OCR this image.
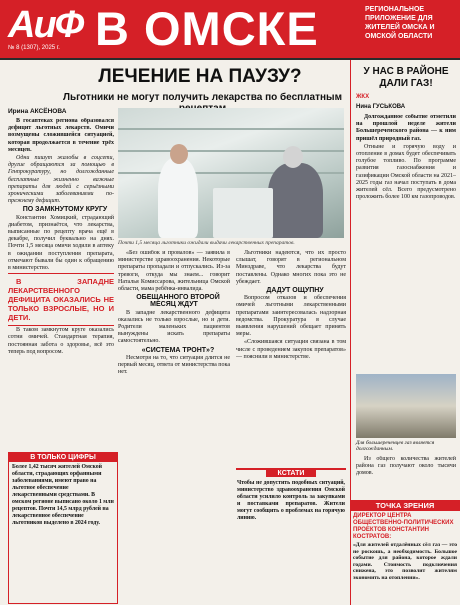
АиФ
№ 8 (1307), 2025 г. В ОМСКЕ	РЕГИОНАЛЬНОЕ ПРИЛОЖЕНИЕ ДЛЯ ЖИТЕЛЕЙ ОМСКА И ОМСКОЙ ОБЛАСТИ
ЛЕЧЕНИЕ НА ПАУЗУ?
Льготники не могут получить лекарства по бесплатным
Ирина АКСЁНОВА

В госаптеках региона образовался дефицит льготных лекарств. Омичи возмущены сложившейся ситуацией, которая продолжается в течение трёх месяцев.

Одни пишут жалобы в соцсети, другие обращаются за помощью в Генпрокуратуру, но долгожданные бесплатные жизненно важные препараты для людей с серьёзными хроническими заболеваниями по-прежнему дефицит.

ПО ЗАМКНУТОМУ КРУГУ

Константин Хомицкий, страдающий диабетом, признаётся, что лекарства, выписанные по рецепту врача ещё в декабре, получил буквально на днях. Почти 1,5 месяца омичи ходили в аптеку в ожидании поступления препарата, отмечают бывали бы один к обращению в министерство.

В ЗАПАДНЕ ЛЕКАРСТВЕННОГО ДЕФИЦИТА ОКАЗАЛИСЬ НЕ ТОЛЬКО ВЗРОСЛЫЕ, НО И ДЕТИ.

В таком замкнутом круге оказались сотни омичей. Стандартная терапия, постоянная забота о здоровье, всё это теперь под вопросом.

Почти 1,5 месяца льготники ожидали выдачи лекарственных препаратов.

«Без ошибок и провалов» — заявила в министерстве здравоохранения. Некоторые препараты пропадали и отпускались. Из-за тревоги, откуда мы знаем... говорит Наталья Комиссарова, жительница Омской области, мама ребёнка-инвалида.

ОБЕЩАННОГО ВТОРОЙ МЕСЯЦ ЖДУТ

В западне лекарственного дефицита оказались не только взрослые, но и дети. Родители маленьких пациентов вынуждены искать препараты самостоятельно.

«СИСТЕМА ТРОНТ»?

Несмотря на то, что ситуация длится не первый месяц, ответа от министерства пока нет.

Льготники надеются, что их просто слышат, говорят в региональном Минздраве, что лекарства будут поставлены. Однако многих пока это не убеждает.

ДАДУТ ОЩУПНУ

Вопросом отказов и обеспечения омичей льготными лекарственными препаратами заинтересовалась надзорная ведомства. Прокуратура в случае выявления нарушений обещает принять меры.

«Сложившаяся ситуация связана в том числе с проведением закупок препаратов» — пояснили в министерстве.

В ТОЛЬКО ЦИФРЫ
Более 1,42 тысяч жителей Омской области, страдающих орфанными заболеваниями, имеют право на льготное обеспечение лекарственными средствами. В омском регионе выписано около 1 млн рецептов. Почти 14,5 млрд рублей на лекарственное обеспечение льготников выделено в 2024 году.
КСТАТИ
Чтобы не допустить подобных ситуаций, министерство здравоохранения Омской области усилило контроль за закупками и поставками препаратов. Жители могут сообщить о проблемах на горячую линию.
У НАС В РАЙОНЕ ДАЛИ ГАЗ!
ЖКХ
Нина ГУСЬКОВА

Долгожданное событие отметили на прошлой неделе жители Большереченского района — к ним пришёл природный газ.

Отныне и горячую воду и отопление в домах будет обеспечивать голубое топливо. По программе развития газоснабжения и газификации Омской области на 2021–2025 годы газ начал поступать в дома жителей сёл. Всего предусмотрено проложить более 100 км газопроводов.

Для большереченцев газ является долгожданным.

Из общего количества жителей района газ получают около тысячи домов.

ТОЧКА ЗРЕНИЯ
ДИРЕКТОР ЦЕНТРА ОБЩЕСТВЕННО-ПОЛИТИЧЕСКИХ ПРОЕКТОВ КОНСТАНТИН КОСТРАТОВ:
«Для жителей отдалённых сёл газ — это не роскошь, а необходимость. Большое событие для района, которое ждали годами. Стоимость подключения снижена, это позволит жителям экономить на отоплении».
